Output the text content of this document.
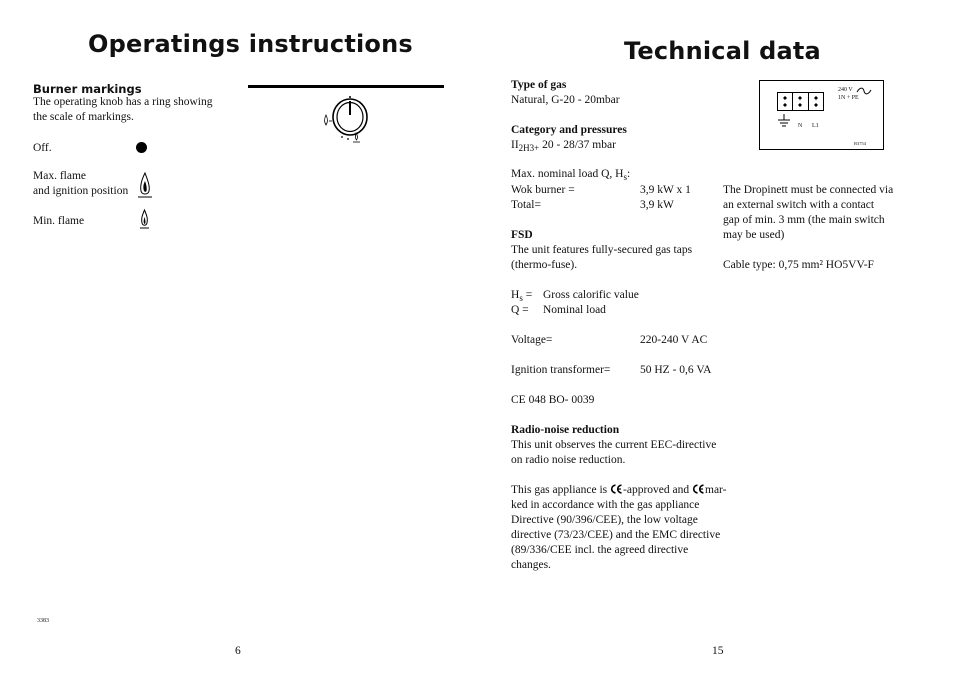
Operatings instructions
Burner markings
The operating knob has a ring showing
the scale of markings.
Off.
Max. flame
and ignition position
Min. flame
3383
6
Technical data
Type of gas
Natural, G-20 - 20mbar
Category and pressures
$II_{2H3+}$ 20 - 28/37 mbar
Max. nominal load Q, $H_s$:
Wok burner =	3,9 kW x 1
Total=	3,9 kW
FSD
The unit features fully-secured gas taps
(thermo-fuse).
$H_s$ = Gross calorific value
Q = Nominal load
Voltage=	220-240 V AC
Ignition transformer=	50 HZ - 0,6 VA
CE 048 BO- 0039
Radio-noise reduction
This unit observes the current EEC-directive
on radio noise reduction.
This gas appliance is -approved and mar-
ked in accordance with the gas appliance
Directive (90/396/CEE), the low voltage
directive (73/23/CEE) and the EMC directive
(89/336/CEE incl. the agreed directive
changes.
The Dropinett must be connected via
an external switch with a contact
gap of min. 3 mm (the main switch
may be used)
Cable type: 0,75 mm² HO5VV-F
N L1
240 V
1N + PE
B3754
15
